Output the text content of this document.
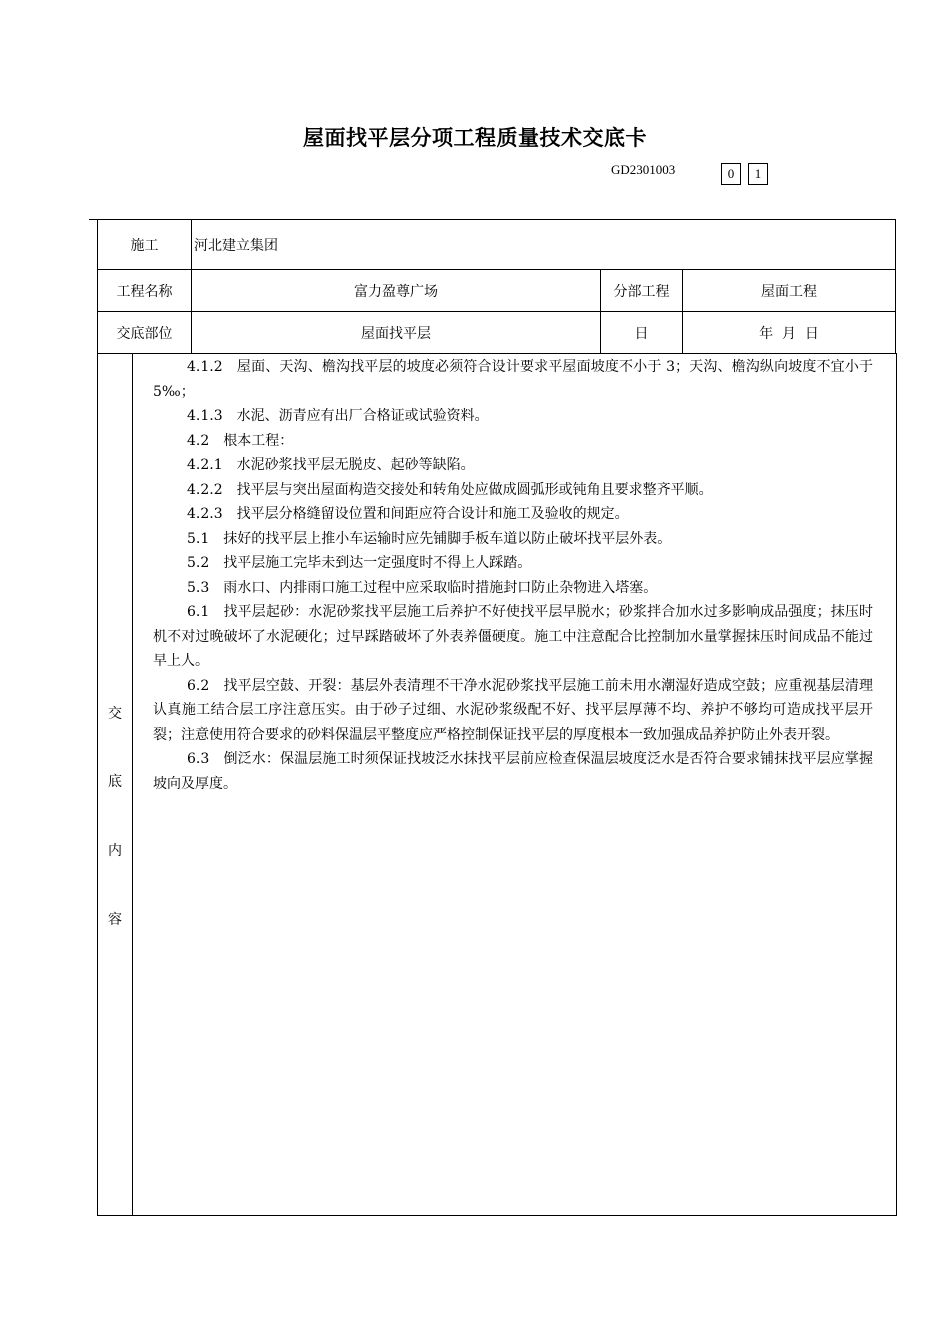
屋面找平层分项工程质量技术交底卡
GD2301003	0	1
施工	河北建立集团		
工程名称	富力盈尊广场	分部工程	屋面工程
交底部位	屋面找平层	日	年  月  日
交
底
内
容

4.1.2　屋面、天沟、檐沟找平层的坡度必须符合设计要求平屋面坡度不小于 3；天沟、檐沟纵向坡度不宜小于 5‰；

4.1.3　水泥、沥青应有出厂合格证或试验资料。

4.2　根本工程：

4.2.1　水泥砂浆找平层无脱皮、起砂等缺陷。

4.2.2　找平层与突出屋面构造交接处和转角处应做成圆弧形或钝角且要求整齐平顺。

4.2.3　找平层分格缝留设位置和间距应符合设计和施工及验收的规定。

5.1　抹好的找平层上推小车运输时应先铺脚手板车道以防止破坏找平层外表。

5.2　找平层施工完毕未到达一定强度时不得上人踩踏。

5.3　雨水口、内排雨口施工过程中应采取临时措施封口防止杂物进入塔塞。

6.1　找平层起砂：水泥砂浆找平层施工后养护不好使找平层早脱水；砂浆拌合加水过多影响成品强度；抹压时机不对过晚破坏了水泥硬化；过早踩踏破坏了外表养僵硬度。施工中注意配合比控制加水量掌握抹压时间成品不能过早上人。

6.2　找平层空鼓、开裂：基层外表清理不干净水泥砂浆找平层施工前未用水潮湿好造成空鼓；应重视基层清理认真施工结合层工序注意压实。由于砂子过细、水泥砂浆级配不好、找平层厚薄不均、养护不够均可造成找平层开裂；注意使用符合要求的砂料保温层平整度应严格控制保证找平层的厚度根本一致加强成品养护防止外表开裂。

6.3　倒泛水：保温层施工时须保证找坡泛水抹找平层前应检查保温层坡度泛水是否符合要求铺抹找平层应掌握坡向及厚度。
